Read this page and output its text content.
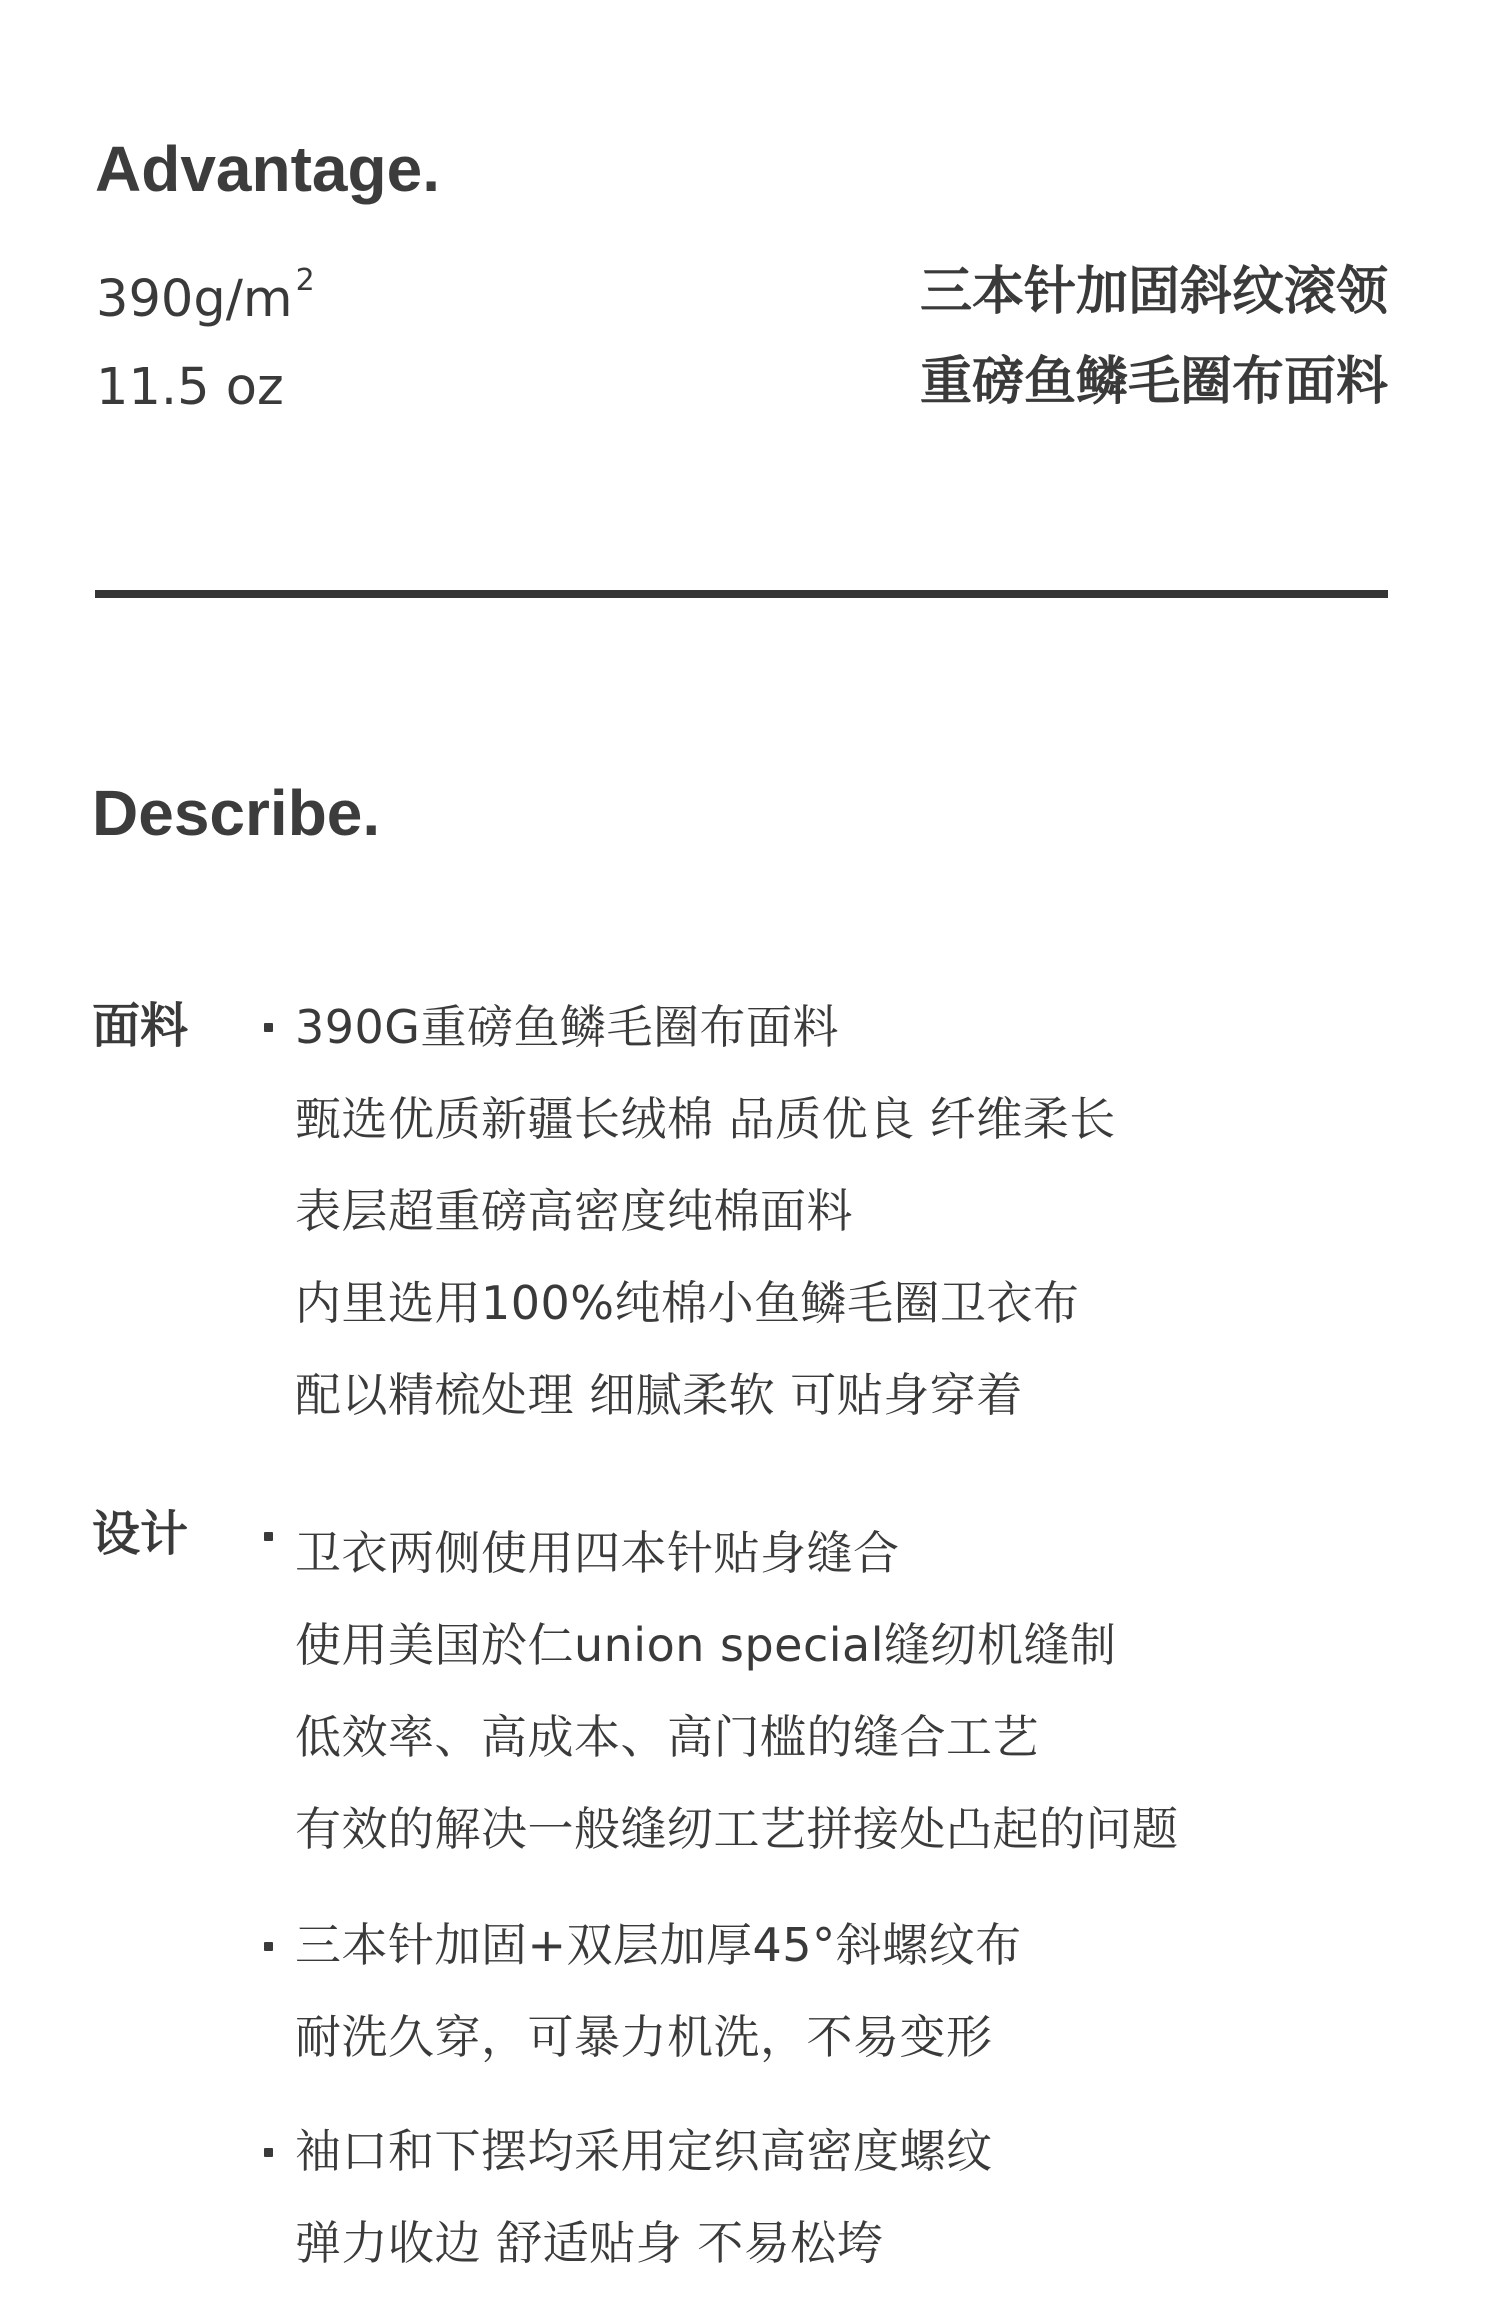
Advantage.
390g/m $^2$
11.5 oz
三本针加固斜纹滚领
重磅鱼鳞毛圈布面料
Describe.
面料 390G重磅鱼鳞毛圈布面料
甄选优质新疆长绒棉 品质优良 纤维柔长
表层超重磅高密度纯棉面料
内里选用100%纯棉小鱼鳞毛圈卫衣布
配以精梳处理 细腻柔软 可贴身穿着
设计 卫衣两侧使用四本针贴身缝合
使用美国於仁union special缝纫机缝制
低效率、高成本、高门槛的缝合工艺
有效的解决一般缝纫工艺拼接处凸起的问题
三本针加固+双层加厚45°斜螺纹布
耐洗久穿，可暴力机洗，不易变形
袖口和下摆均采用定织高密度螺纹
弹力收边 舒适贴身 不易松垮
